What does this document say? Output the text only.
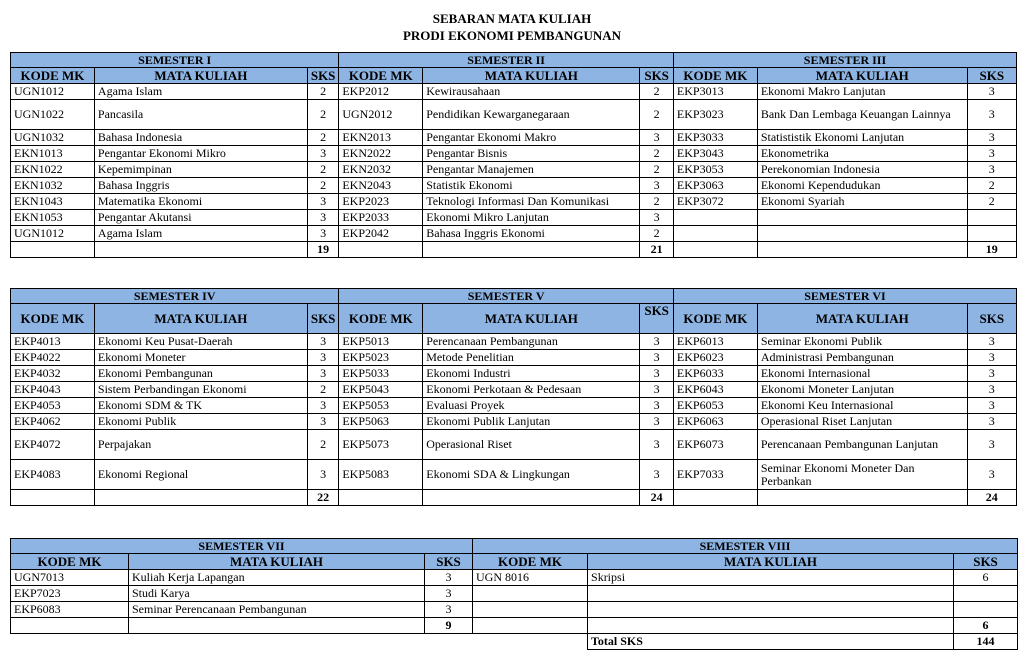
SEBARAN MATA KULIAH
PRODI EKONOMI PEMBANGUNAN
SEMESTER I			SEMESTER II			SEMESTER III		
KODE MK	MATA KULIAH	SKS	KODE MK	MATA KULIAH	SKS	KODE MK	MATA KULIAH	SKS
UGN1012	Agama Islam	2	EKP2012	Kewirausahaan	2	EKP3013	Ekonomi Makro Lanjutan	3
UGN1022	Pancasila	2	UGN2012	Pendidikan Kewarganegaraan	2	EKP3023	Bank Dan Lembaga Keuangan Lainnya	3
UGN1032	Bahasa Indonesia	2	EKN2013	Pengantar Ekonomi Makro	3	EKP3033	Statististik Ekonomi Lanjutan	3
EKN1013	Pengantar Ekonomi Mikro	3	EKN2022	Pengantar Bisnis	2	EKP3043	Ekonometrika	3
EKN1022	Kepemimpinan	2	EKN2032	Pengantar Manajemen	2	EKP3053	Perekonomian Indonesia	3
EKN1032	Bahasa Inggris	2	EKN2043	Statistik Ekonomi	3	EKP3063	Ekonomi Kependudukan	2
EKN1043	Matematika Ekonomi	3	EKP2023	Teknologi Informasi Dan Komunikasi	2	EKP3072	Ekonomi Syariah	2
EKN1053	Pengantar Akutansi	3	EKP2033	Ekonomi Mikro Lanjutan	3			
UGN1012	Agama Islam	3	EKP2042	Bahasa Inggris Ekonomi	2			
		19			21			19
SEMESTER IV			SEMESTER V			SEMESTER VI		
KODE MK	MATA KULIAH	SKS	KODE MK	MATA KULIAH	SKS	KODE MK	MATA KULIAH	SKS
EKP4013	Ekonomi Keu Pusat-Daerah	3	EKP5013	Perencanaan Pembangunan	3	EKP6013	Seminar Ekonomi Publik	3
EKP4022	Ekonomi Moneter	3	EKP5023	Metode Penelitian	3	EKP6023	Administrasi Pembangunan	3
EKP4032	Ekonomi Pembangunan	3	EKP5033	Ekonomi Industri	3	EKP6033	Ekonomi Internasional	3
EKP4043	Sistem Perbandingan Ekonomi	2	EKP5043	Ekonomi Perkotaan & Pedesaan	3	EKP6043	Ekonomi Moneter Lanjutan	3
EKP4053	Ekonomi SDM & TK	3	EKP5053	Evaluasi Proyek	3	EKP6053	Ekonomi Keu Internasional	3
EKP4062	Ekonomi Publik	3	EKP5063	Ekonomi Publik Lanjutan	3	EKP6063	Operasional Riset Lanjutan	3
EKP4072	Perpajakan	2	EKP5073	Operasional Riset	3	EKP6073	Perencanaan Pembangunan Lanjutan	3
EKP4083	Ekonomi Regional	3	EKP5083	Ekonomi SDA & Lingkungan	3	EKP7033	Seminar Ekonomi Moneter Dan Perbankan	3
		22			24			24
SEMESTER VII			SEMESTER VIII		
KODE MK	MATA KULIAH	SKS	KODE MK	MATA KULIAH	SKS
UGN7013	Kuliah Kerja Lapangan	3	UGN 8016	Skripsi	6
EKP7023	Studi Karya	3			
EKP6083	Seminar Perencanaan Pembangunan	3			
		9			6
				Total SKS	144
